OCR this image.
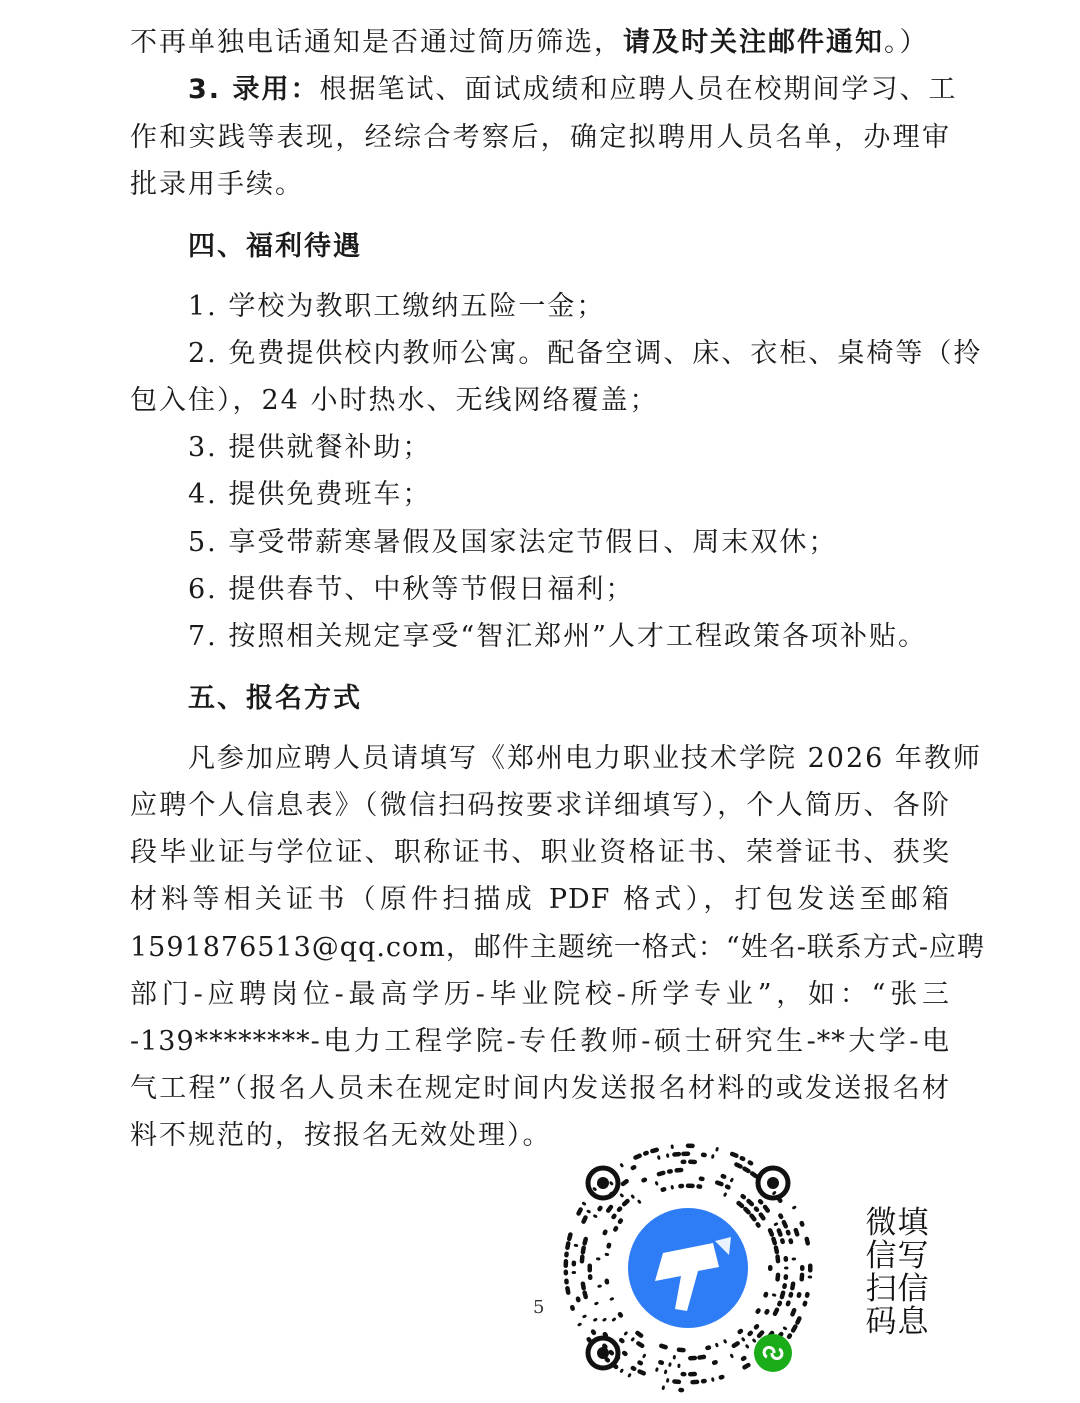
不再单独电话通知是否通过简历筛选，请及时关注邮件通知。）
3. 录用：根据笔试、面试成绩和应聘人员在校期间学习、工
作和实践等表现，经综合考察后，确定拟聘用人员名单，办理审
批录用手续。
四、福利待遇
1. 学校为教职工缴纳五险一金；
2. 免费提供校内教师公寓。配备空调、床、衣柜、桌椅等（拎
包入住），24 小时热水、无线网络覆盖；
3. 提供就餐补助；
4. 提供免费班车；
5. 享受带薪寒暑假及国家法定节假日、周末双休；
6. 提供春节、中秋等节假日福利；
7. 按照相关规定享受“智汇郑州”人才工程政策各项补贴。
五、报名方式
凡参加应聘人员请填写《郑州电力职业技术学院 2026 年教师
应聘个人信息表》（微信扫码按要求详细填写），个人简历、各阶
段毕业证与学位证、职称证书、职业资格证书、荣誉证书、获奖
材料等相关证书（原件扫描成 PDF 格式），打包发送至邮箱
1591876513@qq.com，邮件主题统一格式：“姓名-联系方式-应聘
部门-应聘岗位-最高学历-毕业院校-所学专业”，如：“张三
-139********-电力工程学院-专任教师-硕士研究生-**大学-电
气工程”（报名人员未在规定时间内发送报名材料的或发送报名材
料不规范的，按报名无效处理）。
5
微信扫码
填写信息
